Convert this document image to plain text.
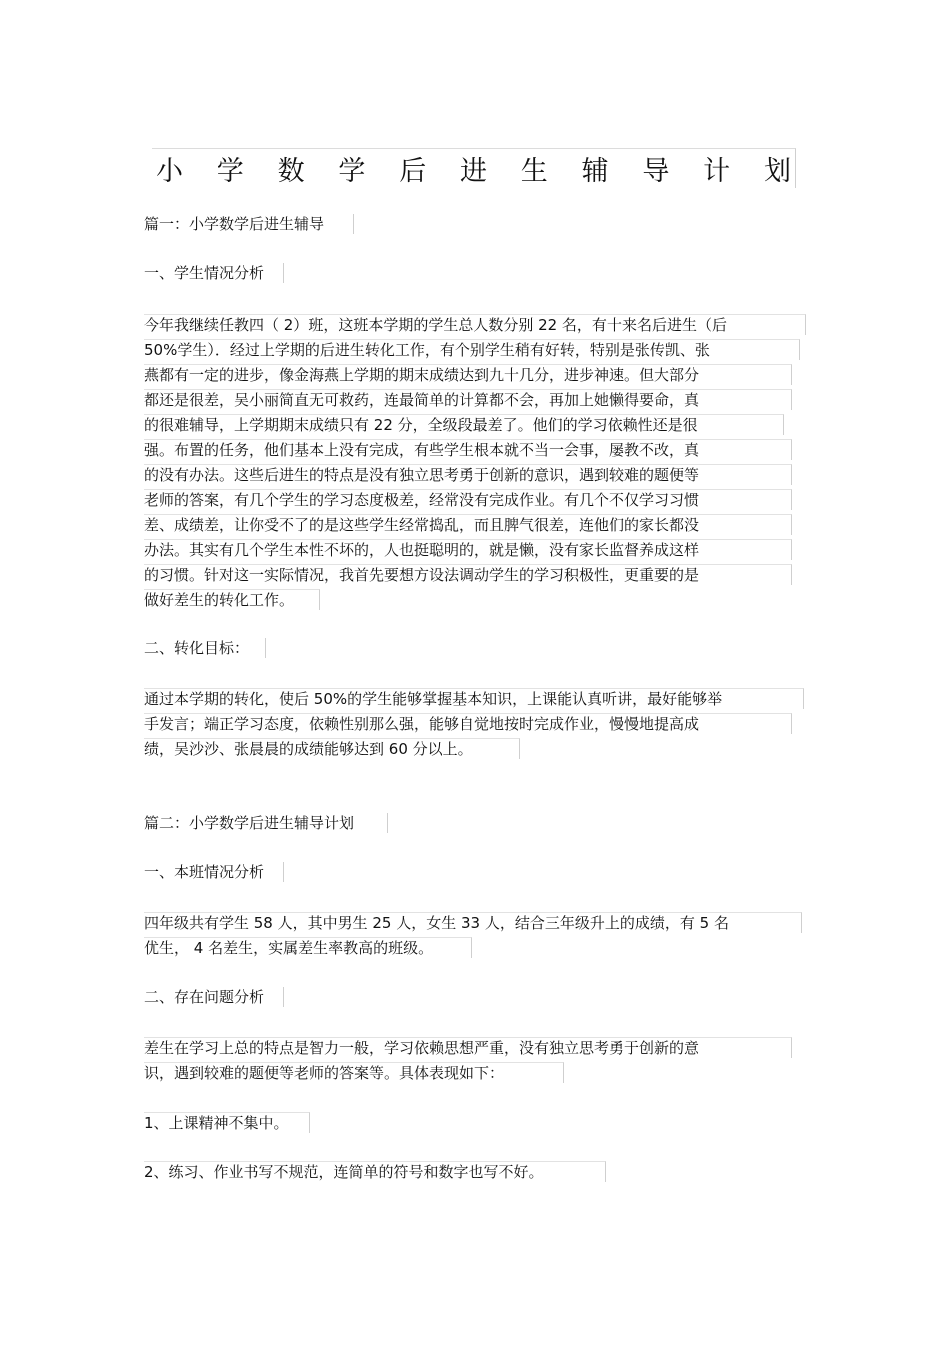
小 学 数 学 后 进 生 辅 导 计 划
篇一：小学数学后进生辅导
一、学生情况分析
今年我继续任教四（ 2）班，这班本学期的学生总人数分别 22 名，有十来名后进生（后
50%学生）．经过上学期的后进生转化工作，有个别学生稍有好转，特别是张传凯、张
燕都有一定的进步，像金海燕上学期的期末成绩达到九十几分，进步神速。但大部分
都还是很差，吴小丽简直无可救药，连最简单的计算都不会，再加上她懒得要命，真
的很难辅导，上学期期末成绩只有 22 分，全级段最差了。他们的学习依赖性还是很
强。布置的任务，他们基本上没有完成，有些学生根本就不当一会事，屡教不改，真
的没有办法。这些后进生的特点是没有独立思考勇于创新的意识，遇到较难的题便等
老师的答案，有几个学生的学习态度极差，经常没有完成作业。有几个不仅学习习惯
差、成绩差，让你受不了的是这些学生经常捣乱，而且脾气很差，连他们的家长都没
办法。其实有几个学生本性不坏的，人也挺聪明的，就是懒，没有家长监督养成这样
的习惯。针对这一实际情况，我首先要想方设法调动学生的学习积极性，更重要的是
做好差生的转化工作。
二、转化目标：
通过本学期的转化，使后 50%的学生能够掌握基本知识，上课能认真听讲，最好能够举
手发言；端正学习态度，依赖性别那么强，能够自觉地按时完成作业，慢慢地提高成
绩，吴沙沙、张晨晨的成绩能够达到 60 分以上。
篇二：小学数学后进生辅导计划
一、本班情况分析
四年级共有学生 58 人，其中男生 25 人，女生 33 人，结合三年级升上的成绩，有 5 名
优生， 4 名差生，实属差生率教高的班级。
二、存在问题分析
差生在学习上总的特点是智力一般，学习依赖思想严重，没有独立思考勇于创新的意
识，遇到较难的题便等老师的答案等。具体表现如下：
1、上课精神不集中。
2、练习、作业书写不规范，连简单的符号和数字也写不好。
